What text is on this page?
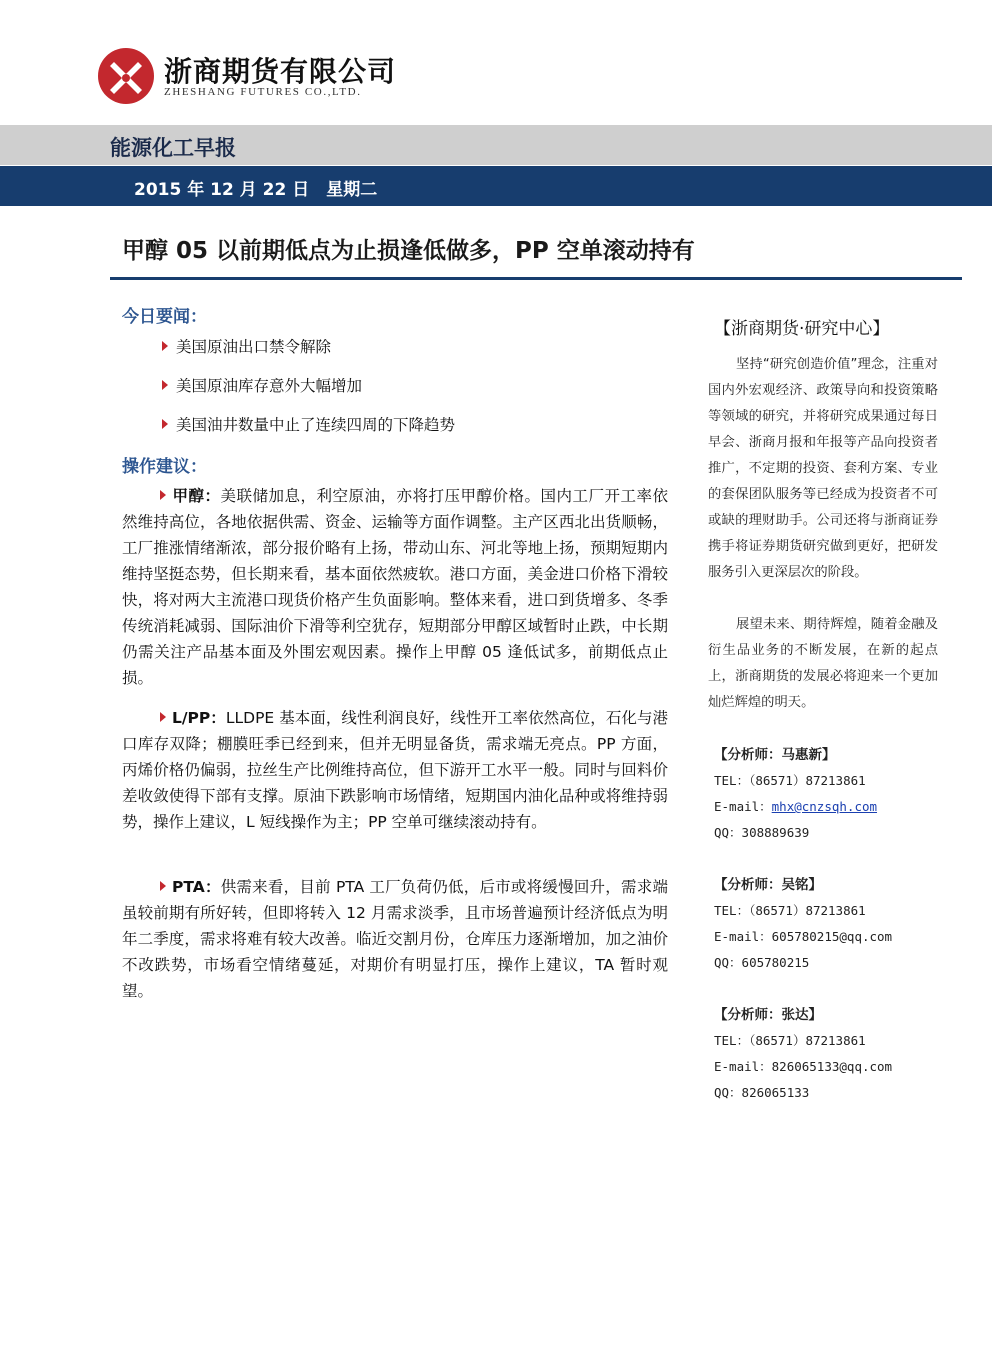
浙商期货有限公司
ZHESHANG FUTURES CO.,LTD.
能源化工早报
2015 年 12 月 22 日　星期二
甲醇 05 以前期低点为止损逢低做多，PP 空单滚动持有
今日要闻：
美国原油出口禁令解除
美国原油库存意外大幅增加
美国油井数量中止了连续四周的下降趋势
操作建议：
甲醇：美联储加息，利空原油，亦将打压甲醇价格。国内工厂开工率依然维持高位，各地依据供需、资金、运输等方面作调整。主产区西北出货顺畅，工厂推涨情绪渐浓，部分报价略有上扬，带动山东、河北等地上扬，预期短期内维持坚挺态势，但长期来看，基本面依然疲软。港口方面，美金进口价格下滑较快，将对两大主流港口现货价格产生负面影响。整体来看，进口到货增多、冬季传统消耗减弱、国际油价下滑等利空犹存，短期部分甲醇区域暂时止跌，中长期仍需关注产品基本面及外围宏观因素。操作上甲醇 05 逢低试多，前期低点止损。
L/PP：LLDPE 基本面，线性利润良好，线性开工率依然高位，石化与港口库存双降；棚膜旺季已经到来，但并无明显备货，需求端无亮点。PP 方面，丙烯价格仍偏弱，拉丝生产比例维持高位，但下游开工水平一般。同时与回料价差收敛使得下部有支撑。原油下跌影响市场情绪，短期国内油化品种或将维持弱势，操作上建议，L 短线操作为主；PP 空单可继续滚动持有。
PTA：供需来看，目前 PTA 工厂负荷仍低，后市或将缓慢回升，需求端虽较前期有所好转，但即将转入 12 月需求淡季，且市场普遍预计经济低点为明年二季度，需求将难有较大改善。临近交割月份，仓库压力逐渐增加，加之油价不改跌势，市场看空情绪蔓延，对期价有明显打压，操作上建议，TA 暂时观望。
【浙商期货·研究中心】
坚持“研究创造价值”理念，注重对国内外宏观经济、政策导向和投资策略等领域的研究，并将研究成果通过每日早会、浙商月报和年报等产品向投资者推广，不定期的投资、套利方案、专业的套保团队服务等已经成为投资者不可或缺的理财助手。公司还将与浙商证券携手将证券期货研究做到更好，把研发服务引入更深层次的阶段。
展望未来、期待辉煌，随着金融及衍生品业务的不断发展，在新的起点上，浙商期货的发展必将迎来一个更加灿烂辉煌的明天。
【分析师：马惠新】
TEL：（86571）87213861
E-mail：mhx@cnzsqh.com
QQ：308889639
【分析师：吴铭】
TEL：（86571）87213861
E-mail：605780215@qq.com
QQ：605780215
【分析师：张达】
TEL：（86571）87213861
E-mail：826065133@qq.com
QQ：826065133
